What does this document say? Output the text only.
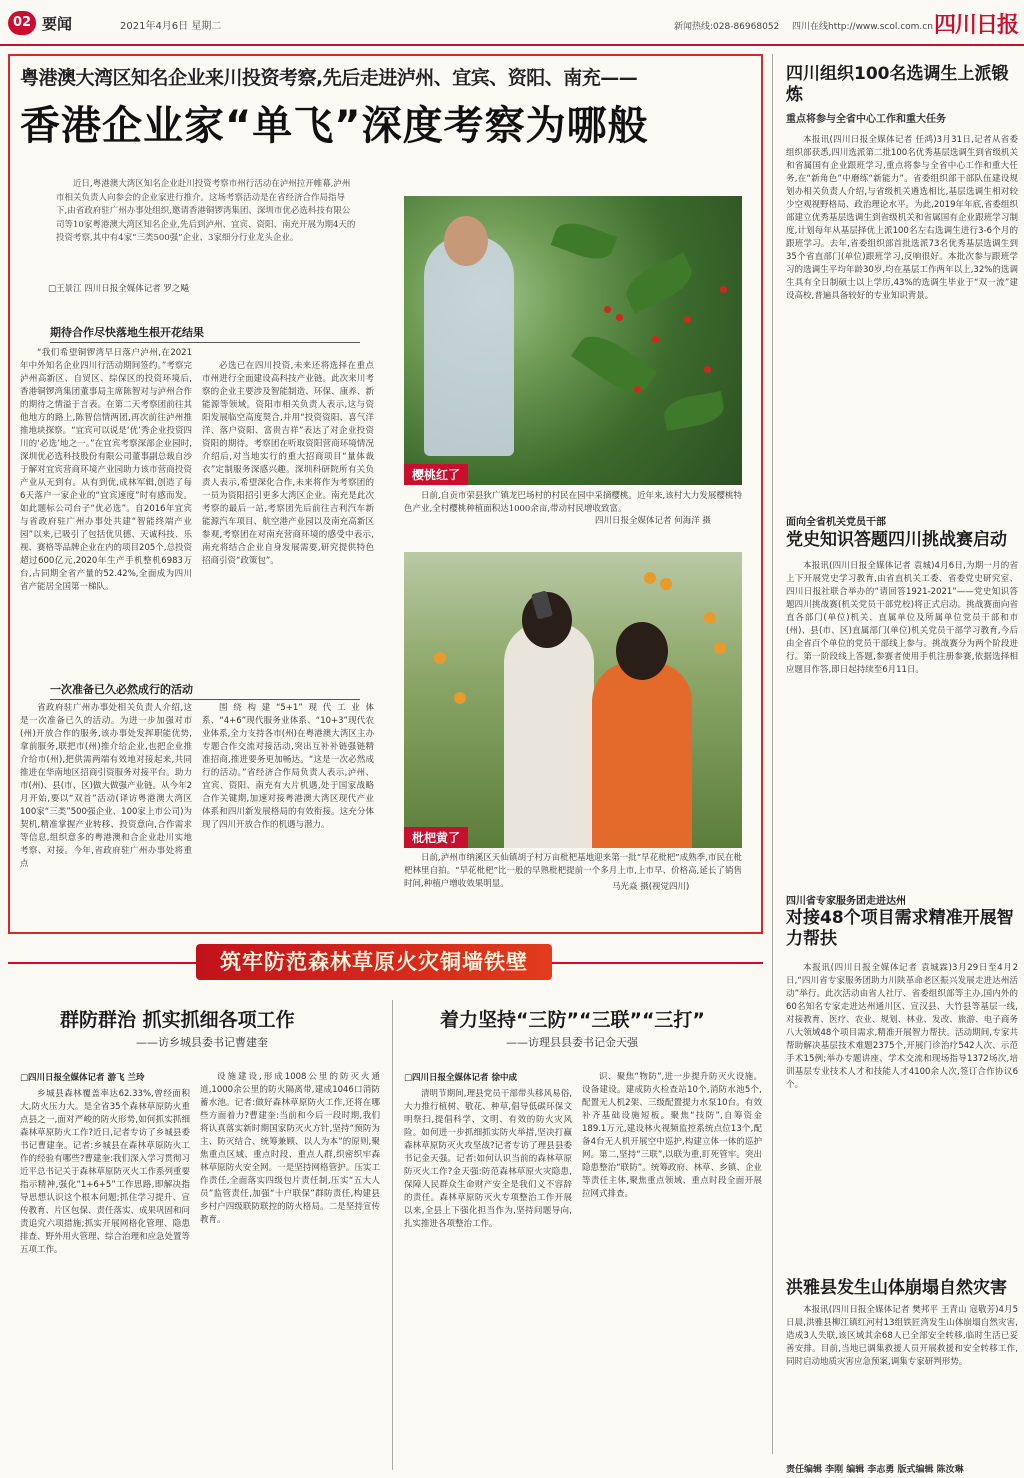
02 要闻	2021年4月6日 星期二	新闻热线:028-86968052 四川在线http://www.scol.com.cn 四川日报
粤港澳大湾区知名企业来川投资考察,先后走进泸州、宜宾、资阳、南充——
香港企业家“单飞”深度考察为哪般
近日,粤港澳大湾区知名企业赴川投资考察市州行活动在泸州拉开帷幕,泸州市相关负责人向参会的企业家进行推介。这场考察活动是在省经济合作局指导下,由省政府驻广州办事处组织,邀请香港铜锣湾集团、深圳市优必选科技有限公司等10家粤港澳大湾区知名企业,先后到泸州、宜宾、资阳、南充开展为期4天的投资考察,其中有4家“三类500强”企业、3家细分行业龙头企业。
□王景江 四川日报全媒体记者 罗之飚
期待合作尽快落地生根开花结果

“我们希望铜锣湾早日落户泸州,在2021年中外知名企业四川行活动期间签约。”考察完泸州高新区、自贸区、综保区的投资环境后,香港铜锣湾集团董事局主席陈智对与泸州合作的期待之情溢于言表。在第二天考察团前往其他地方的路上,陈智信情两团,再次前往泸州推推地块探察。“宜宾可以说是‘优’秀企业投资四川的‘必选’地之一。”在宜宾考察深部企业园时,深圳优必选科技股份有限公司董事副总裁自沙于解对宜宾营商环境产业园助力该市营商投资产业从无到有。从有到优,成林军辑,创造了每6天落户一家企业的“宜宾速度”时有感而发。如此题标公司台子“优必选”。自2016年宜宾与省政府驻广州办事处共建“智能终端产业园”以来,已吸引了包括优贝德、天诚科技、乐视、赛格等品牌企业在内的项目205个,总投资超过600亿元,2020年生产手机整机6983万台,占同期全省产量的52.42%,全面成为四川省产能居全国第一梯队。

必选已在四川投资,未来还将选择在重点市州进行全面建设高科技产业链。此次来川考察的企业主要涉及智能制造、环保、康养、新能源等领域。资阳市相关负责人表示,这与资阳发展临空高度契合,并用“投资资阳、喜气洋洋、落户资阳、富贵吉祥”表达了对企业投资资阳的期待。考察团在听取资阳营商环境情况介绍后,对当地实行的重大招商项目“量体裁衣”定制服务深感兴趣。深圳科研院所有关负责人表示,希望深化合作,未来将作为考察团的一员为资阳招引更多大湾区企业。南充是此次考察的最后一站,考察团先后前往吉利汽车新能源汽车项目、航空港产业园以及南充高新区参观,考察团在对南充营商环境的感受中表示,南充将结合企业自身发展需要,研究提供特色招商引资“政策包”。

一次准备已久必然成行的活动

省政府驻广州办事处相关负责人介绍,这是一次准备已久的活动。为进一步加强对市(州)开放合作的服务,该办事处发挥职能优势,拿前服务,联把市(州)推介给企业,也把企业推介给市(州),把供需两端有效地对接起来,共同推进在华南地区招商引资服务对接平台。助力市(州)、县(市、区)做大做强产业链。从今年2月开始,要以“双首”活动(译访粤港澳大湾区100家“三类”500强企业、100家上市公司)为契机,精准掌握产业转移、投资意向,合作需求等信息,组织意多的粤港澳和合企业赴川实地考察、对接。今年,省政府驻广州办事处将重点

围绕构建“5+1”现代工业体系、“4+6”现代服务业体系、“10+3”现代农业体系,全力支持各市(州)在粤港澳大湾区主办专题合作交流对接活动,突出互补补链强链精准招商,推进要务更加畅达。“这是一次必然成行的活动。”省经济合作局负责人表示,泸州、宜宾、资阳、南充有大片机遇,处于国家战略合作关键期,加速对接粤港澳大湾区现代产业体系和四川新发展格局的有效衔接。这充分体现了四川开放合作的机遇与潜力。

樱桃红了

日前,自贡市荣县狄广镇龙巴场村的村民在园中采摘樱桃。近年来,该村大力发展樱桃特色产业,全村樱桃种植面积达1000余亩,带动村民增收致富。

四川日报全媒体记者 何海洋 摄
枇杷黄了

日前,泸州市纳溪区天仙镇胡子村万亩枇杷基地迎来第一批“早花枇杷”成熟季,市民在枇杷林里自拍。“早花枇杷”比一般的早熟枇杷提前一个多月上市,上市早、价格高,延长了销售时间,种植户增收效果明显。	马光焱 摄(视觉四川)
四川组织100名选调生上派锻炼
重点将参与全省中心工作和重大任务

本报讯(四川日报全媒体记者 任鸿)3月31日,记者从省委组织部获悉,四川选派第二批100名优秀基层选调生到省级机关和省属国有企业跟班学习,重点将参与全省中心工作和重大任务,在“新角色”中磨练“新能力”。省委组织部干部队伍建设规划办相关负责人介绍,与省级机关遴选相比,基层选调生相对较少空观视野格局、政治理论水平。为此,2019年年底,省委组织部建立优秀基层选调生到省级机关和省属国有企业跟班学习制度,计划每年从基层择优上派100名左右选调生进行3-6个月的跟班学习。去年,省委组织部首批选派73名优秀基层选调生到35个省直部门(单位)跟班学习,反响很好。本批次参与跟班学习的选调生平均年龄30岁,均在基层工作两年以上,32%的选调生具有全日制硕士以上学历,43%的选调生毕业于“双一流”建设高校,普遍具备较好的专业知识背景。

面向全省机关党员干部
党史知识答题四川挑战赛启动

本报讯(四川日报全媒体记者 袁城)4月6日,为期一月的省上下开展党史学习教育,由省直机关工委、省委党史研究室、四川日报社联合举办的“请回答1921-2021”——党史知识答题四川挑战赛(机关党员干部党校)将正式启动。挑战赛面向省直各部门(单位)机关、直属单位及所属单位党员干部和市(州)、县(市、区)直属部门(单位)机关党员干部学习教育,今后由全省百个单位的党员干部线上参与。挑战赛分为两个阶段进行。第一阶段线上答题,参赛者使用手机注册参赛,依据选择相应题目作答,即日起持续至6月11日。

四川省专家服务团走进达州
对接48个项目需求精准开展智力帮扶

本报讯(四川日报全媒体记者 袁城霖)3月29日至4月2日,“四川省专家服务团助力川陕革命老区振兴发展走进达州活动”举行。此次活动由省人社厅、省委组织部等主办,国内外的60名知名专家走进达州通川区、宣汉县、大竹县等基层一线,对接教育、医疗、农业、规划、林业、发改、旅游、电子商务八大领域48个项目需求,精准开展智力帮扶。活动期间,专家共帮助解决基层技术难题2375个,开展门诊治疗542人次、示范手术15例;举办专题讲座、学术交流和现场指导1372场次,培训基层专业技术人才和技能人才4100余人次,签订合作协议6个。

洪雅县发生山体崩塌自然灾害

本报讯(四川日报全媒体记者 樊邦平 王青山 寇敬芳)4月5日晨,洪雅县柳江镇红河村13组铁匠湾发生山体崩塌自然灾害,造成3人失联,该区域其余68人已全部安全转移,临时生活已妥善安排。目前,当地已调集救援人员开展救援和安全转移工作,同时启动地质灾害应急预案,调集专家研判形势。

责任编辑 李刚 编辑 李志勇 版式编辑 陈汝琳
筑牢防范森林草原火灾铜墙铁壁
群防群治 抓实抓细各项工作
——访乡城县委书记曹建奎
□四川日报全媒体记者 游飞 兰玲

乡城县森林覆盖率达62.33%,曾经面积大,防火压力大。是全省35个森林草原防火重点县之一,面对严峻的防火形势,如何抓实抓细森林草原防火工作?近日,记者专访了乡城县委书记曹建奎。记者:乡城县在森林草原防火工作的经验有哪些?曹建奎:我们深入学习贯彻习近平总书记关于森林草原防灭火工作系列重要指示精神,强化“1+6+5”工作思路,即解决指导思想认识这个根本问题;抓住学习提升、宣传教育、片区包保、责任落实、成果巩固和问责追究六项措施;抓实开展网格化管理、隐患排查、野外用火管理、综合治理和应急处置等五项工作。

设施建设,形成1008公里的防灭火通道,1000余公里的防火隔离带,建成1046口消防蓄水池。记者:做好森林草原防火工作,还将在哪些方面着力?曹建奎:当前和今后一段时期,我们将认真落实新时期国家防灭火方针,坚持“预防为主、防灭结合、统筹兼顾、以人为本”的原则,聚焦重点区域、重点时段、重点人群,织密织牢森林草原防火安全网。一是坚持网格管护。压实工作责任,全面落实四级包片责任制,压实“五大人员”监管责任,加强“十户联保”群防责任,构建县乡村户四级联防联控的防火格局。二是坚持宣传教育。

着力坚持“三防”“三联”“三打”
——访理县县委书记金天强
□四川日报全媒体记者 徐中成

清明节期间,理县党员干部带头移风易俗,大力推行植树、敬花、种草,倡导低碳环保文明祭扫,提倡科学、文明、有效的防火灾风险。如何进一步抓细抓实防火举措,坚决打赢森林草原防灭火攻坚战?记者专访了理县县委书记金天强。记者:如何认识当前的森林草原防灭火工作?金天强:防范森林草原火灾隐患,保障人民群众生命财产安全是我们义不容辞的责任。森林草原防灭火专项整治工作开展以来,全县上下强化担当作为,坚持问题导向,扎实推进各项整治工作。

识、聚焦“物防”,进一步提升防灭火设施。设备建设。建成防火检查站10个,消防水池5个,配置无人机2架、三级配置提力水泵10台。有效补齐基础设施短板。聚焦“技防”,自筹资金189.1万元,建设林火视频监控系统点位13个,配备4台无人机开展空中巡护,构建立体一体的巡护网。第二,坚持“三联”,以联为重,盯死管牢。突出隐患整治“联防”。统筹政府、林草、乡镇、企业等责任主体,聚焦重点领域、重点时段全面开展拉网式排查。
